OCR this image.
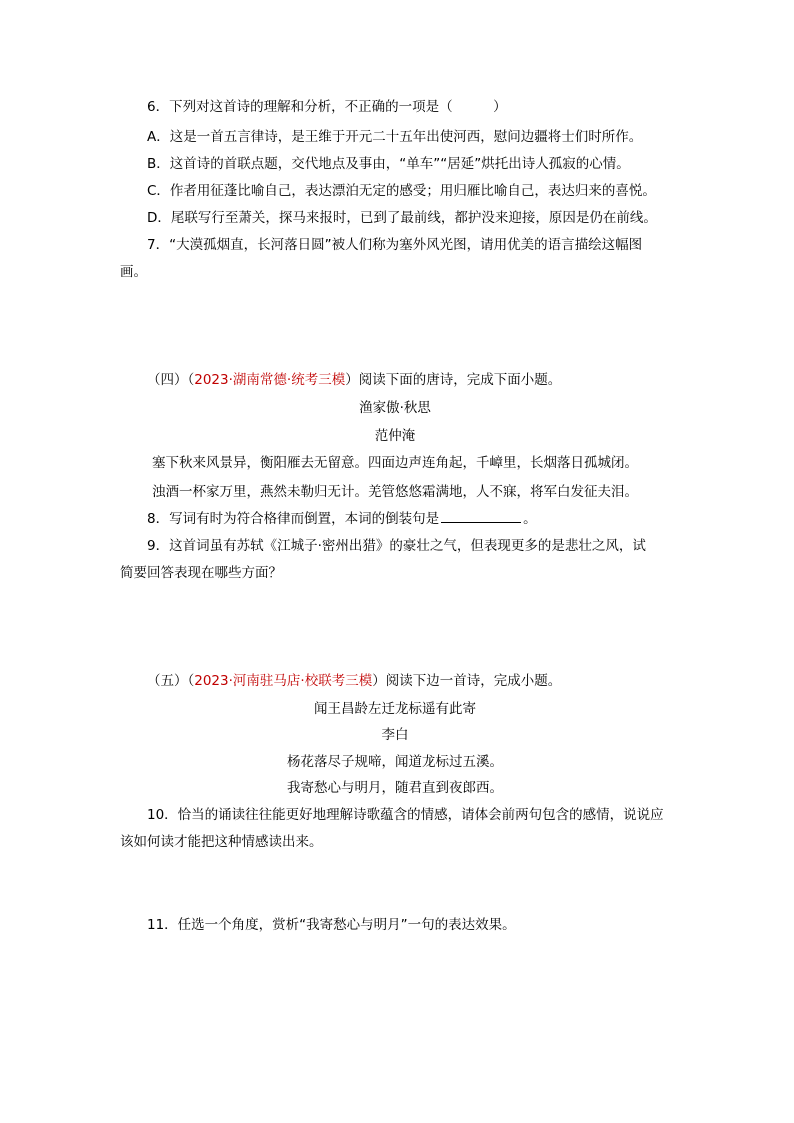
6．下列对这首诗的理解和分析，不正确的一项是（　　　）
A．这是一首五言律诗，是王维于开元二十五年出使河西，慰问边疆将士们时所作。
B．这首诗的首联点题，交代地点及事由，“单车”“居延”烘托出诗人孤寂的心情。
C．作者用征蓬比喻自己，表达漂泊无定的感受；用归雁比喻自己，表达归来的喜悦。
D．尾联写行至萧关，探马来报时，已到了最前线，都护没来迎接，原因是仍在前线。
7．“大漠孤烟直，长河落日圆”被人们称为塞外风光图，请用优美的语言描绘这幅图
画。
（四）（2023·湖南常德·统考三模）阅读下面的唐诗，完成下面小题。
渔家傲·秋思
范仲淹
塞下秋来风景异，衡阳雁去无留意。四面边声连角起，千嶂里，长烟落日孤城闭。
浊酒一杯家万里，燕然未勒归无计。羌管悠悠霜满地，人不寐，将军白发征夫泪。
8．写词有时为符合格律而倒置，本词的倒装句是	。
9．这首词虽有苏轼《江城子·密州出猎》的豪壮之气，但表现更多的是悲壮之风，试
简要回答表现在哪些方面？
（五）（2023·河南驻马店·校联考三模）阅读下边一首诗，完成小题。
闻王昌龄左迁龙标遥有此寄
李白
杨花落尽子规啼，闻道龙标过五溪。
我寄愁心与明月，随君直到夜郎西。
10．恰当的诵读往往能更好地理解诗歌蕴含的情感，请体会前两句包含的感情，说说应
该如何读才能把这种情感读出来。
11．任选一个角度，赏析“我寄愁心与明月”一句的表达效果。
